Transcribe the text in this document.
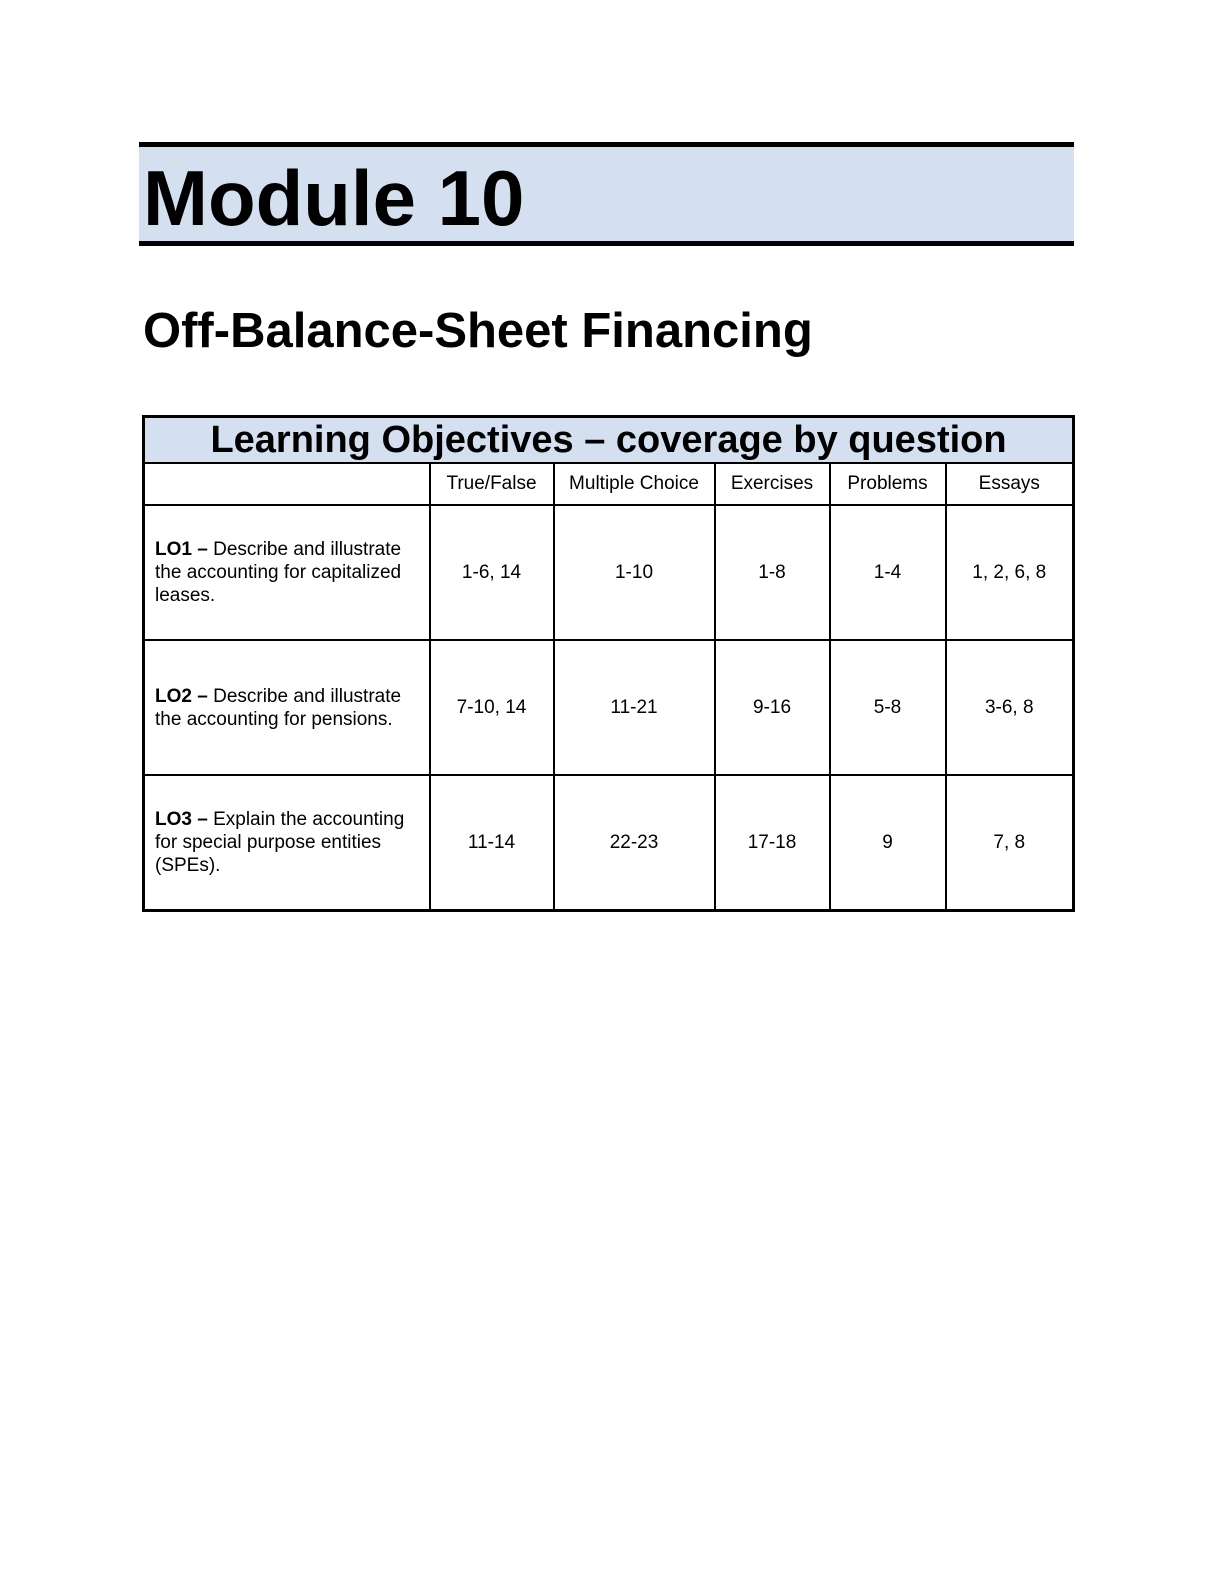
Module 10
Off-Balance-Sheet Financing
Learning Objectives – coverage by question					
	True/False	Multiple Choice	Exercises	Problems	Essays
LO1 – Describe and illustrate the accounting for capitalized leases.	1-6, 14	1-10	1-8	1-4	1, 2, 6, 8
LO2 – Describe and illustrate the accounting for pensions.	7-10, 14	11-21	9-16	5-8	3-6, 8
LO3 – Explain the accounting for special purpose entities (SPEs).	11-14	22-23	17-18	9	7, 8
